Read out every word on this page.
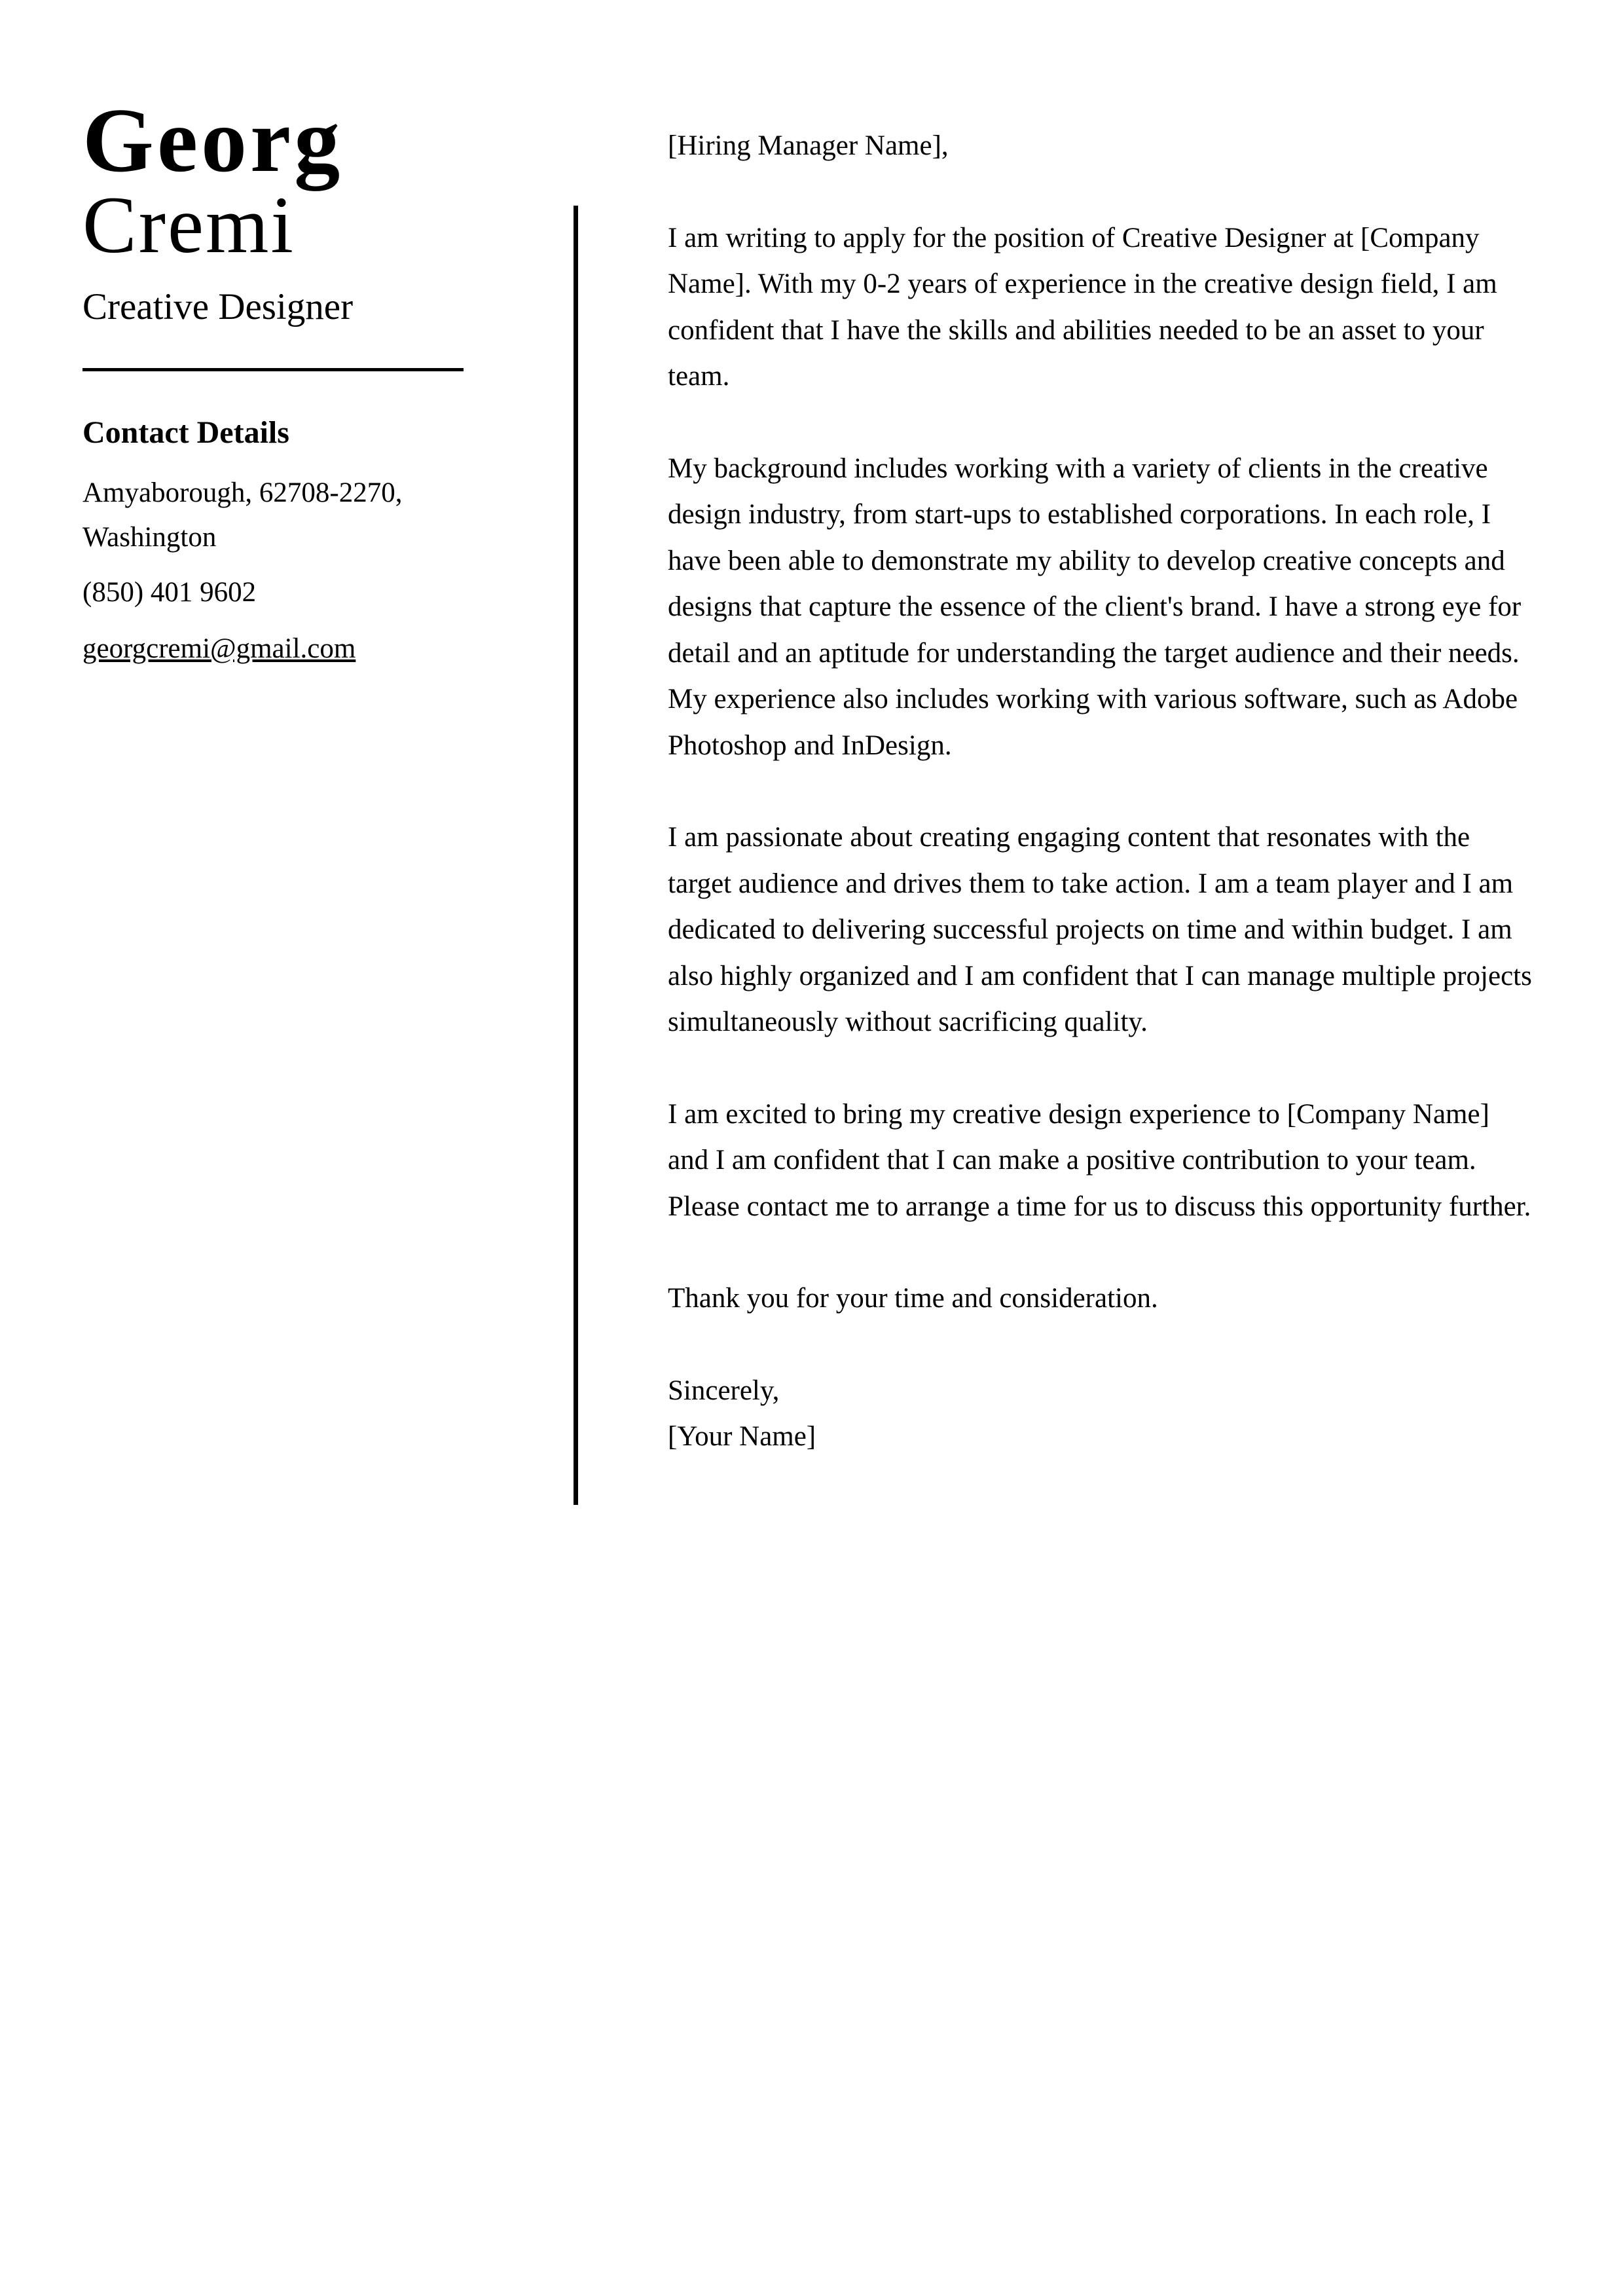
Georg
Cremi
Creative Designer
Contact Details
Amyaborough, 62708-2270, Washington
(850) 401 9602
georgcremi@gmail.com

[Hiring Manager Name],

I am writing to apply for the position of Creative Designer at [Company Name]. With my 0-2 years of experience in the creative design field, I am confident that I have the skills and abilities needed to be an asset to your team.

My background includes working with a variety of clients in the creative design industry, from start-ups to established corporations. In each role, I have been able to demonstrate my ability to develop creative concepts and designs that capture the essence of the client's brand. I have a strong eye for detail and an aptitude for understanding the target audience and their needs. My experience also includes working with various software, such as Adobe Photoshop and InDesign.

I am passionate about creating engaging content that resonates with the target audience and drives them to take action. I am a team player and I am dedicated to delivering successful projects on time and within budget. I am also highly organized and I am confident that I can manage multiple projects simultaneously without sacrificing quality.

I am excited to bring my creative design experience to [Company Name] and I am confident that I can make a positive contribution to your team. Please contact me to arrange a time for us to discuss this opportunity further.

Thank you for your time and consideration.

Sincerely,

[Your Name]
